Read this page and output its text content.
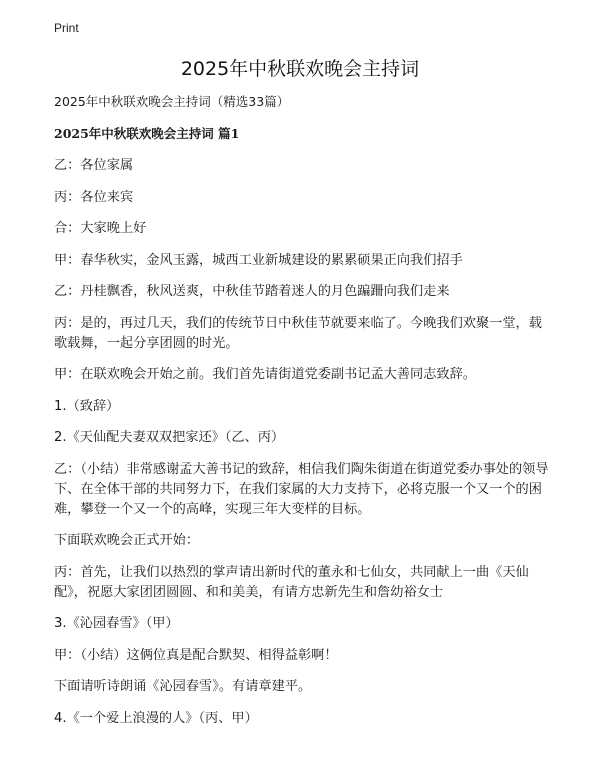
Print
2025年中秋联欢晚会主持词

2025年中秋联欢晚会主持词（精选33篇）

2025年中秋联欢晚会主持词 篇1

乙：各位家属

丙：各位来宾

合：大家晚上好

甲：春华秋实，金风玉露，城西工业新城建设的累累硕果正向我们招手

乙：丹桂飘香，秋风送爽，中秋佳节踏着迷人的月色蹁跚向我们走来

丙：是的，再过几天，我们的传统节日中秋佳节就要来临了。今晚我们欢聚一堂，载歌载舞，一起分享团圆的时光。

甲：在联欢晚会开始之前。我们首先请街道党委副书记孟大善同志致辞。

1.（致辞）

2.《天仙配夫妻双双把家还》（乙、丙）

乙：（小结）非常感谢孟大善书记的致辞，相信我们陶朱街道在街道党委办事处的领导下、在全体干部的共同努力下，在我们家属的大力支持下，必将克服一个又一个的困难，攀登一个又一个的高峰，实现三年大变样的目标。

下面联欢晚会正式开始：

丙：首先，让我们以热烈的掌声请出新时代的董永和七仙女，共同献上一曲《天仙配》，祝愿大家团团圆圆、和和美美，有请方忠新先生和詹幼裕女士

3.《沁园春雪》（甲）

甲：（小结）这俩位真是配合默契、相得益彰啊！

下面请听诗朗诵《沁园春雪》。有请章建平。

4.《一个爱上浪漫的人》（丙、甲）
